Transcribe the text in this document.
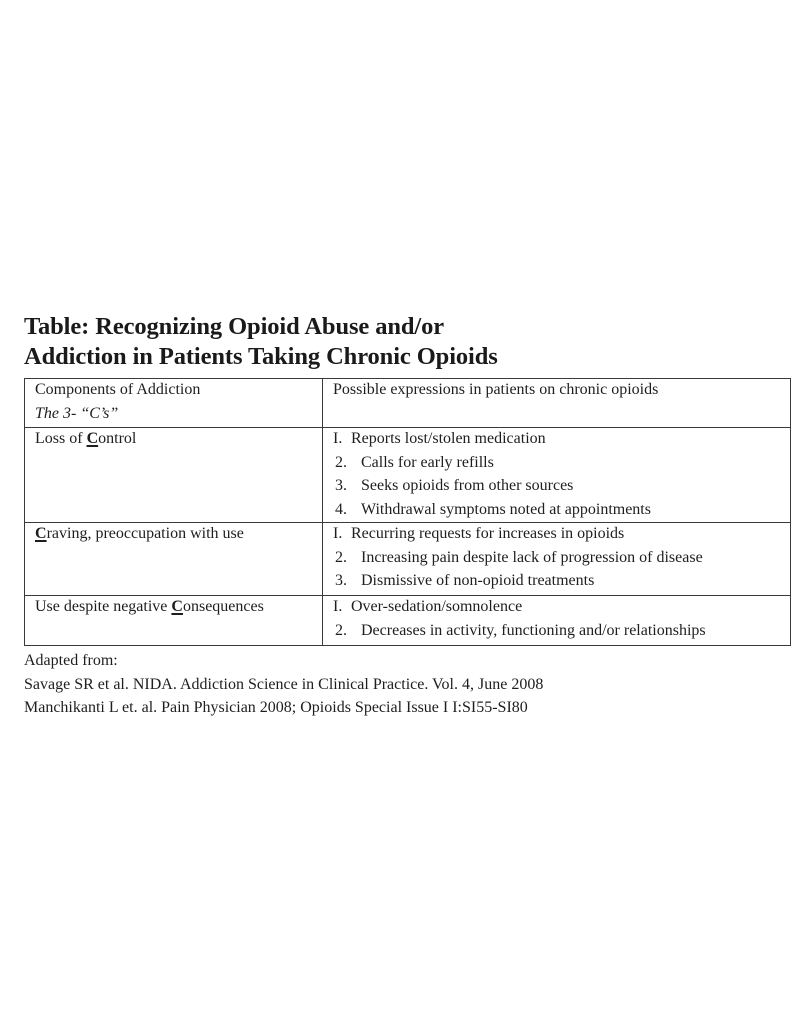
Table: Recognizing Opioid Abuse and/or
Addiction in Patients Taking Chronic Opioids
Components of Addiction
The 3- “C’s”	Possible expressions in patients on chronic opioids

Loss of Control	I. Reports lost/stolen medication
2. Calls for early refills
3. Seeks opioids from other sources
4. Withdrawal symptoms noted at appointments

Craving, preoccupation with use	I. Recurring requests for increases in opioids
2. Increasing pain despite lack of progression of disease
3. Dismissive of non-opioid treatments

Use despite negative Consequences	I. Over-sedation/somnolence
2. Decreases in activity, functioning and/or relationships
Adapted from:
Savage SR et al. NIDA. Addiction Science in Clinical Practice. Vol. 4, June 2008
Manchikanti L et. al. Pain Physician 2008; Opioids Special Issue I I:SI55-SI80
